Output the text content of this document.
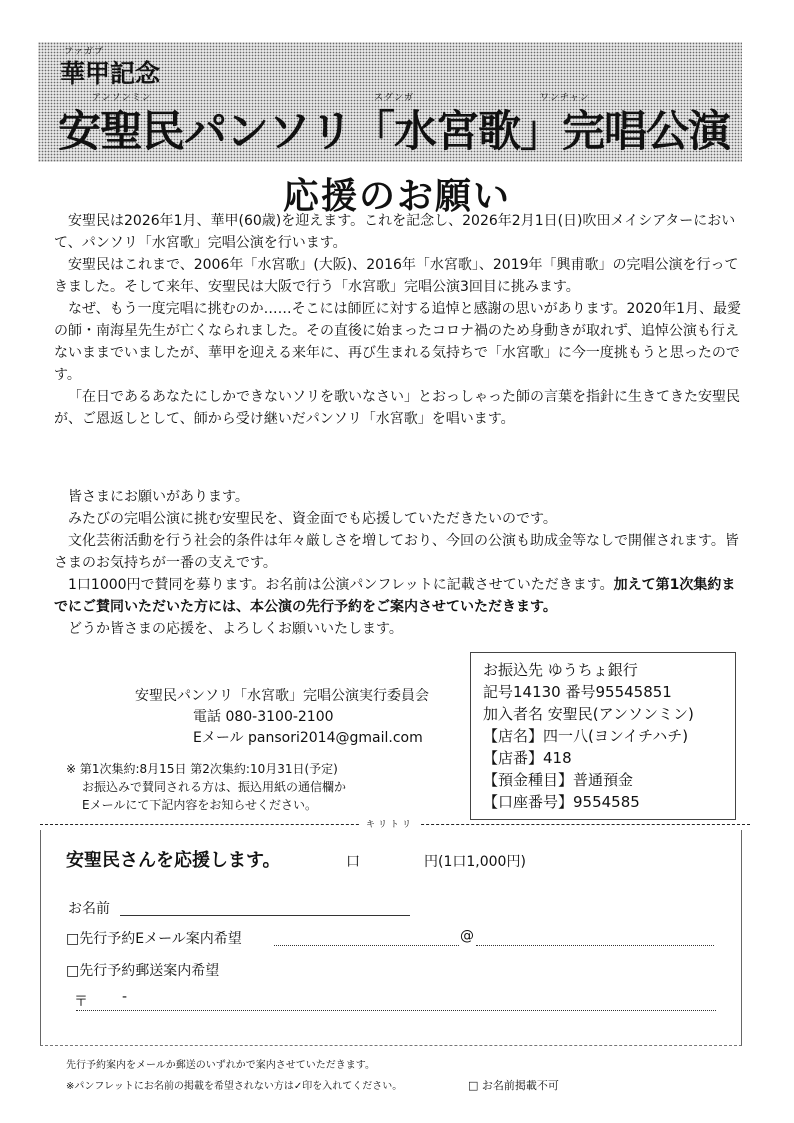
ファガブ
華甲記念
アンソンミン	スグンガ	ワンチャン
安聖民パンソリ「水宮歌」完唱公演
応援のお願い

安聖民は2026年1月、華甲(60歳)を迎えます。これを記念し、2026年2月1日(日)吹田メイシアターにおいて、パンソリ「水宮歌」完唱公演を行います。

安聖民はこれまで、2006年「水宮歌」(大阪)、2016年「水宮歌」、2019年「興甫歌」の完唱公演を行ってきました。そして来年、安聖民は大阪で行う「水宮歌」完唱公演3回目に挑みます。

なぜ、もう一度完唱に挑むのか……そこには師匠に対する追悼と感謝の思いがあります。2020年1月、最愛の師・南海星先生が亡くなられました。その直後に始まったコロナ禍のため身動きが取れず、追悼公演も行えないままでいましたが、華甲を迎える来年に、再び生まれる気持ちで「水宮歌」に今一度挑もうと思ったのです。

「在日であるあなたにしかできないソリを歌いなさい」とおっしゃった師の言葉を指針に生きてきた安聖民が、ご恩返しとして、師から受け継いだパンソリ「水宮歌」を唱います。

皆さまにお願いがあります。

みたびの完唱公演に挑む安聖民を、資金面でも応援していただきたいのです。

文化芸術活動を行う社会的条件は年々厳しさを増しており、今回の公演も助成金等なしで開催されます。皆さまのお気持ちが一番の支えです。

1口1000円で賛同を募ります。お名前は公演パンフレットに記載させていただきます。加えて第1次集約までにご賛同いただいた方には、本公演の先行予約をご案内させていただきます。

どうか皆さまの応援を、よろしくお願いいたします。

安聖民パンソリ「水宮歌」完唱公演実行委員会
電話 080-3100-2100
Eメール pansori2014@gmail.com
※ 第1次集約:8月15日 第2次集約:10月31日(予定)
お振込みで賛同される方は、振込用紙の通信欄か
Eメールにて下記内容をお知らせください。
お振込先 ゆうちょ銀行
記号14130 番号95545851
加入者名 安聖民(アンソンミン)
【店名】四一八(ヨンイチハチ)
【店番】418
【預金種目】普通預金
【口座番号】9554585
キリトリ
安聖民さんを応援します。	口	円(1口1,000円)
お名前
□先行予約Eメール案内希望	@
□先行予約郵送案内希望
〒 -
先行予約案内をメールか郵送のいずれかで案内させていただきます。
※パンフレットにお名前の掲載を希望されない方は✓印を入れてください。	□ お名前掲載不可
